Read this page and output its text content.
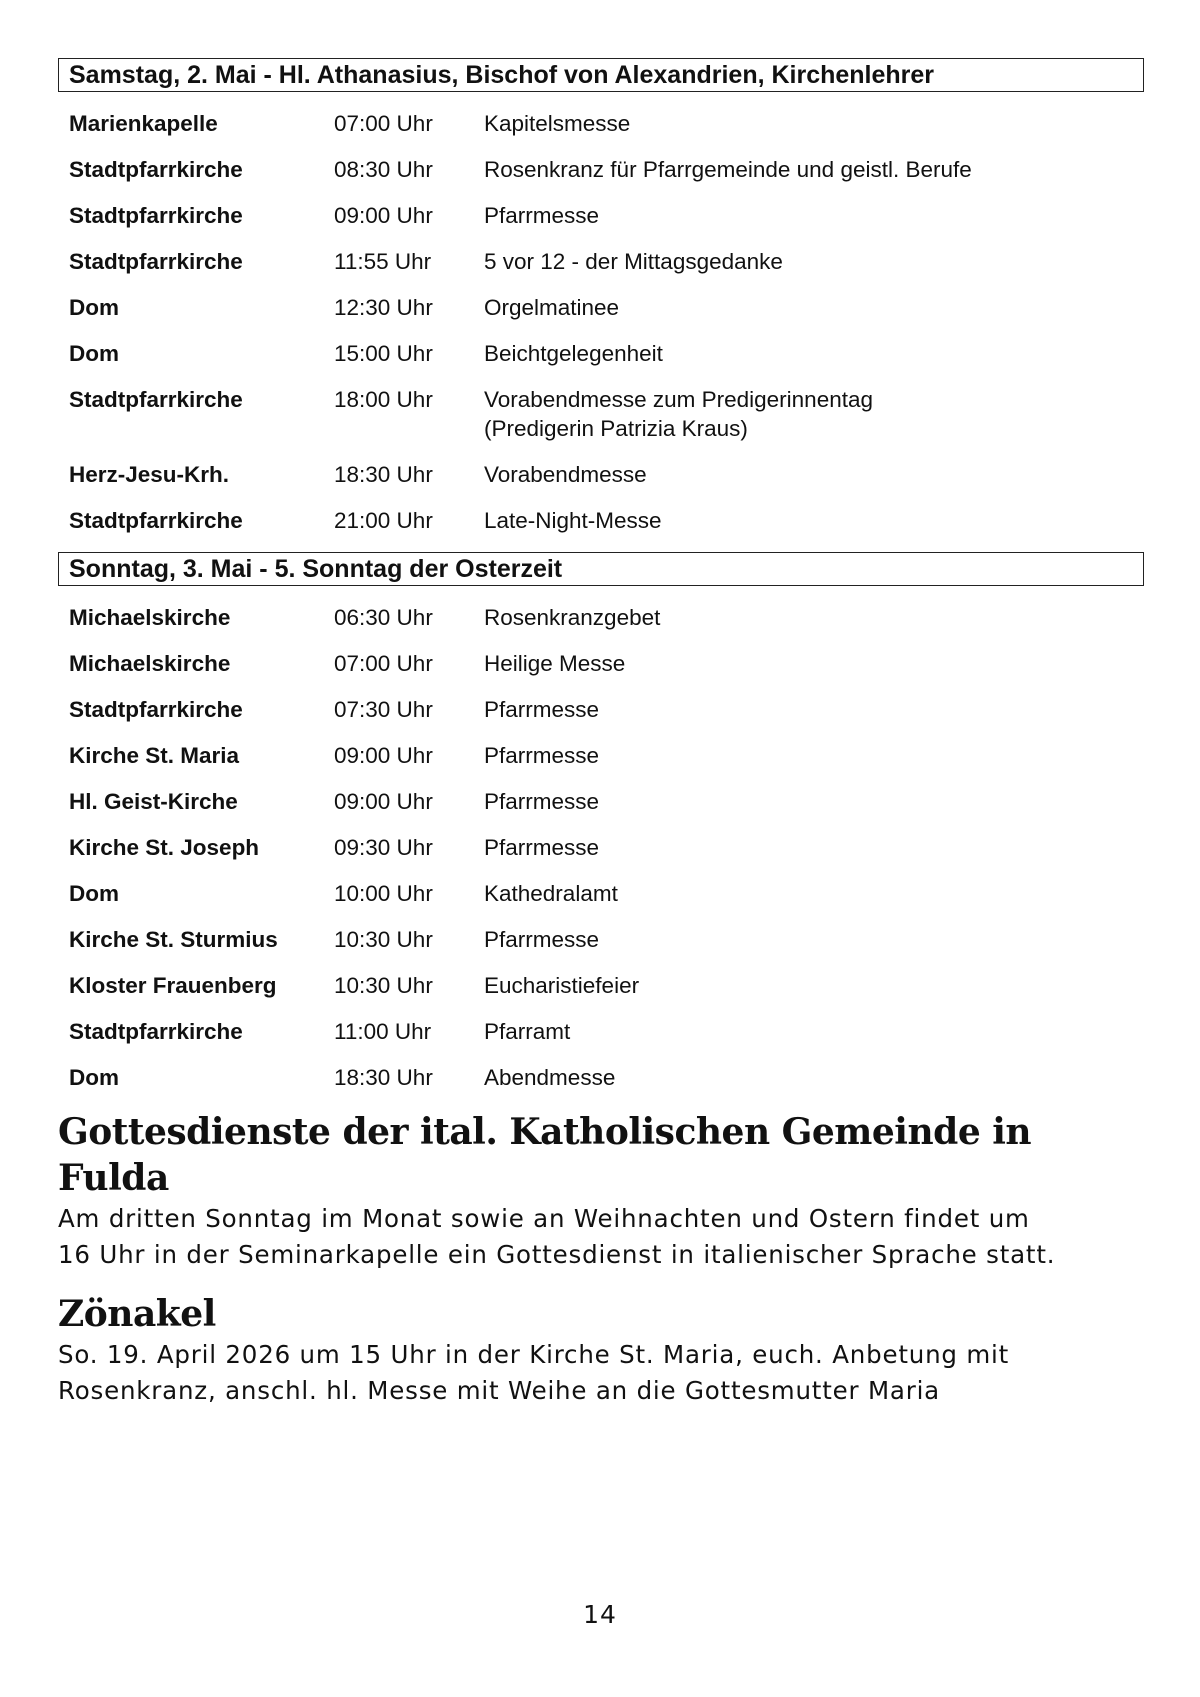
Samstag, 2. Mai - Hl. Athanasius, Bischof von Alexandrien, Kirchenlehrer
Marienkapelle	07:00 Uhr	Kapitelsmesse
Stadtpfarrkirche	08:30 Uhr	Rosenkranz für Pfarrgemeinde und geistl. Berufe
Stadtpfarrkirche	09:00 Uhr	Pfarrmesse
Stadtpfarrkirche	11:55 Uhr	5 vor 12 - der Mittagsgedanke
Dom	12:30 Uhr	Orgelmatinee
Dom	15:00 Uhr	Beichtgelegenheit
Stadtpfarrkirche	18:00 Uhr	Vorabendmesse zum Predigerinnentag
(Predigerin Patrizia Kraus)
Herz-Jesu-Krh.	18:30 Uhr	Vorabendmesse
Stadtpfarrkirche	21:00 Uhr	Late-Night-Messe
Sonntag, 3. Mai - 5. Sonntag der Osterzeit
Michaelskirche	06:30 Uhr	Rosenkranzgebet
Michaelskirche	07:00 Uhr	Heilige Messe
Stadtpfarrkirche	07:30 Uhr	Pfarrmesse
Kirche St. Maria	09:00 Uhr	Pfarrmesse
Hl. Geist-Kirche	09:00 Uhr	Pfarrmesse
Kirche St. Joseph	09:30 Uhr	Pfarrmesse
Dom	10:00 Uhr	Kathedralamt
Kirche St. Sturmius	10:30 Uhr	Pfarrmesse
Kloster Frauenberg	10:30 Uhr	Eucharistiefeier
Stadtpfarrkirche	11:00 Uhr	Pfarramt
Dom	18:30 Uhr	Abendmesse
Gottesdienste der ital. Katholischen Gemeinde in Fulda

Am dritten Sonntag im Monat sowie an Weihnachten und Ostern findet um
16 Uhr in der Seminarkapelle ein Gottesdienst in italienischer Sprache statt.

Zönakel

So. 19. April 2026 um 15 Uhr in der Kirche St. Maria, euch. Anbetung mit
Rosenkranz, anschl. hl. Messe mit Weihe an die Gottesmutter Maria

14
